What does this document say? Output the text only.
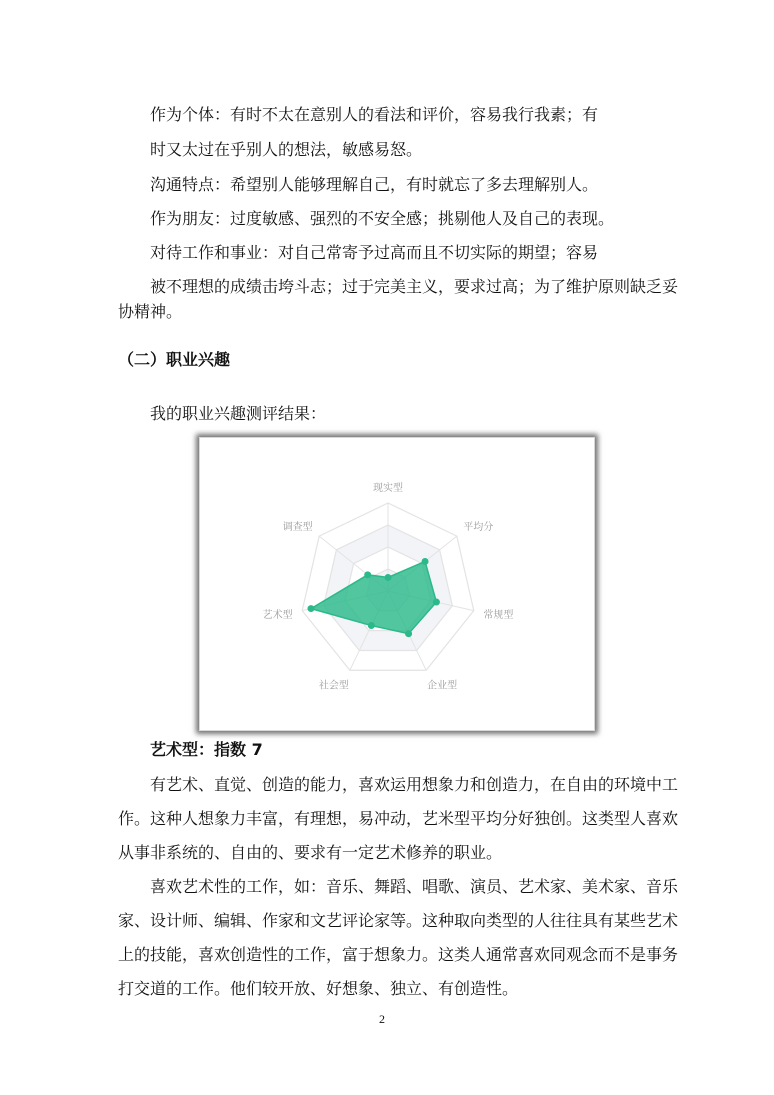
作为个体：有时不太在意别人的看法和评价，容易我行我素；有
时又太过在乎别人的想法，敏感易怒。
沟通特点：希望别人能够理解自己，有时就忘了多去理解别人。
作为朋友：过度敏感、强烈的不安全感；挑剔他人及自己的表现。
对待工作和事业：对自己常寄予过高而且不切实际的期望；容易
被不理想的成绩击垮斗志；过于完美主义，要求过高；为了维护原则缺乏妥
协精神。
（二）职业兴趣
我的职业兴趣测评结果：
现实型
平均分
常规型
企业型
社会型
艺术型
调查型
艺术型：指数 7
有艺术、直觉、创造的能力，喜欢运用想象力和创造力，在自由的环境中工
作。这种人想象力丰富，有理想，易冲动，艺米型平均分好独创。这类型人喜欢
从事非系统的、自由的、要求有一定艺术修养的职业。
喜欢艺术性的工作，如：音乐、舞蹈、唱歌、演员、艺术家、美术家、音乐
家、设计师、编辑、作家和文艺评论家等。这种取向类型的人往往具有某些艺术
上的技能，喜欢创造性的工作，富于想象力。这类人通常喜欢同观念而不是事务
打交道的工作。他们较开放、好想象、独立、有创造性。
2
